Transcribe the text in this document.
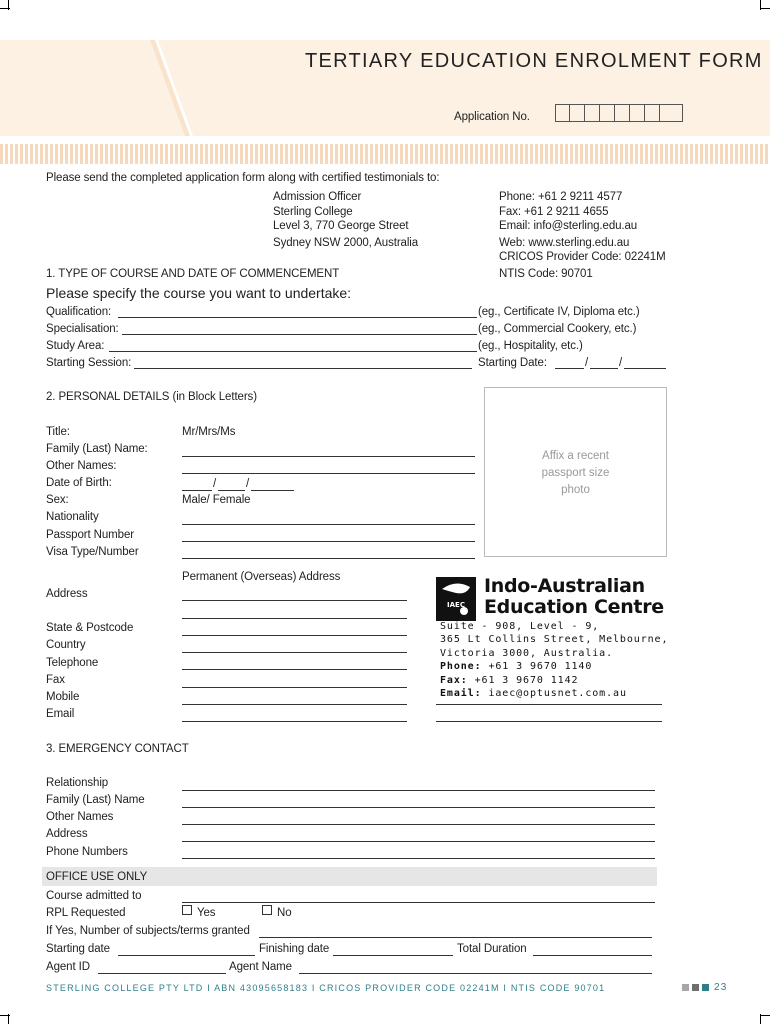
TERTIARY EDUCATION ENROLMENT FORM
Application No.
Please send the completed application form along with certified testimonials to:
Admission Officer
Sterling College
Level 3, 770 George Street
Sydney NSW 2000, Australia
Phone: +61 2 9211 4577
Fax: +61 2 9211 4655
Email: info@sterling.edu.au
Web: www.sterling.edu.au
CRICOS Provider Code: 02241M
NTIS Code: 90701
1. TYPE OF COURSE AND DATE OF COMMENCEMENT
Please specify the course you want to undertake:
Qualification:	(eg., Certificate IV, Diploma etc.)
Specialisation:	(eg., Commercial Cookery, etc.)
Study Area:	(eg., Hospitality, etc.)
Starting Session:	Starting Date:	/	/
2. PERSONAL DETAILS (in Block Letters)
Title:	Mr/Mrs/Ms
Family (Last) Name:
Other Names:
Date of Birth:	/	/
Sex:	Male/ Female
Nationality
Passport Number
Visa Type/Number
Affix a recent
passport size
photo
Permanent (Overseas) Address
Address
State & Postcode
Country
Telephone
Fax
Mobile
Email
IAEC
Indo-Australian
Education Centre
Suite - 908, Level - 9,
365 Lt Collins Street, Melbourne,
Victoria 3000, Australia.
Phone: +61 3 9670 1140
Fax: +61 3 9670 1142
Email: iaec@optusnet.com.au
3. EMERGENCY CONTACT
Relationship
Family (Last) Name
Other Names
Address
Phone Numbers
OFFICE USE ONLY
Course admitted to
RPL Requested	Yes	No
If Yes, Number of subjects/terms granted
Starting date	Finishing date	Total Duration
Agent ID	Agent Name
STERLING COLLEGE PTY LTD I ABN 43095658183 I CRICOS PROVIDER CODE 02241M I NTIS CODE 90701	23
